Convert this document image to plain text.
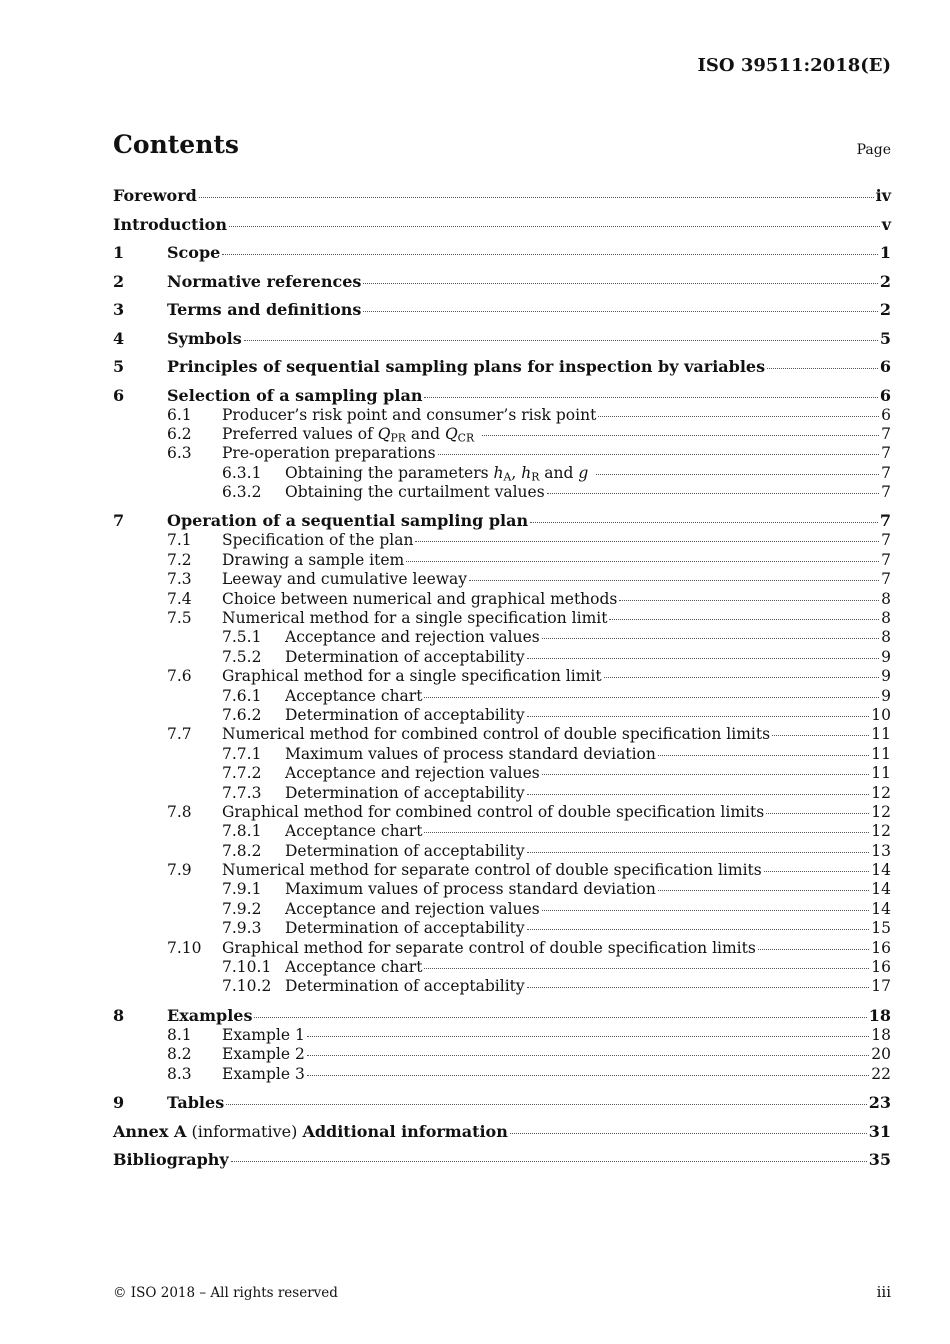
ISO 39511:2018(E)
Contents	Page
Foreword	iv
Introduction	v
1	Scope	1
2	Normative references	2
3	Terms and definitions	2
4	Symbols	5
5	Principles of sequential sampling plans for inspection by variables	6
6	Selection of a sampling plan	6
6.1 Producer’s risk point and consumer’s risk point	6
6.2 Preferred values of $Q_{PR}$ and $Q_{CR}$	7
6.3 Pre-operation preparations	7
6.3.1 Obtaining the parameters $h_A$, $h_R$ and g	7
6.3.2 Obtaining the curtailment values	7
7	Operation of a sequential sampling plan	7
7.1 Specification of the plan	7
7.2 Drawing a sample item	7
7.3 Leeway and cumulative leeway	7
7.4 Choice between numerical and graphical methods	8
7.5 Numerical method for a single specification limit	8
7.5.1 Acceptance and rejection values	8
7.5.2 Determination of acceptability	9
7.6 Graphical method for a single specification limit	9
7.6.1 Acceptance chart	9
7.6.2 Determination of acceptability	10
7.7 Numerical method for combined control of double specification limits	11
7.7.1 Maximum values of process standard deviation	11
7.7.2 Acceptance and rejection values	11
7.7.3 Determination of acceptability	12
7.8 Graphical method for combined control of double specification limits	12
7.8.1 Acceptance chart	12
7.8.2 Determination of acceptability	13
7.9 Numerical method for separate control of double specification limits	14
7.9.1 Maximum values of process standard deviation	14
7.9.2 Acceptance and rejection values	14
7.9.3 Determination of acceptability	15
7.10 Graphical method for separate control of double specification limits	16
7.10.1 Acceptance chart	16
7.10.2 Determination of acceptability	17
8	Examples	18
8.1 Example 1	18
8.2 Example 2	20
8.3 Example 3	22
9	Tables	23
Annex A (informative) Additional information	31
Bibliography	35
© ISO 2018 – All rights reserved	iii
